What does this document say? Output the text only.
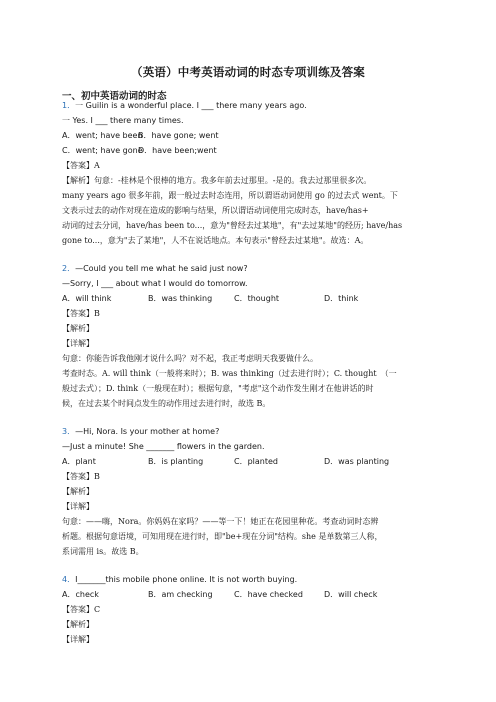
（英语）中考英语动词的时态专项训练及答案
一、初中英语动词的时态
1．一 Guilin is a wonderful place. I ___ there many years ago.
一 Yes. I ___ there many times.
A．went; have beenB．have gone; went
C．went; have goneD．have been;went
【答案】A
【解析】句意：-桂林是个很棒的地方。我多年前去过那里。-是的。我去过那里很多次。
many years ago 很多年前，跟一般过去时态连用，所以谓语动词使用 go 的过去式 went。下
文表示过去的动作对现在造成的影响与结果，所以谓语动词使用完成时态，have/has+
动词的过去分词，have/has been to...，意为"曾经去过某地"，有"去过某地"的经历; have/has
gone to...，意为"去了某地"，人不在说话地点。本句表示"曾经去过某地"。故选：A。
2．—Could you tell me what he said just now?
—Sorry, I ___ about what I would do tomorrow.
A．will think	B．was thinking	C．thought	D．think
【答案】B
【解析】
【详解】
句意：你能告诉我他刚才说什么吗？对不起，我正考虑明天我要做什么。
考查时态。A. will think（一般将来时）；B. was thinking（过去进行时）；C. thought　（一
般过去式）；D. think（一般现在时）；根据句意，"考虑"这个动作发生刚才在他讲话的时
候，在过去某个时间点发生的动作用过去进行时，故选 B。
3．—Hi, Nora. Is your mother at home?
—Just a minute! She _______ flowers in the garden.
A．plant	B．is planting	C．planted	D．was planting
【答案】B
【解析】
【详解】
句意：——嗨，Nora。你妈妈在家吗？——等一下！她正在花园里种花。考查动词时态辨
析题。根据句意语境，可知用现在进行时，即"be+现在分词"结构。she 是单数第三人称，
系词需用 is。故选 B。
4．I_______this mobile phone online. It is not worth buying.
A．check	B．am checking	C．have checked	D．will check
【答案】C
【解析】
【详解】
